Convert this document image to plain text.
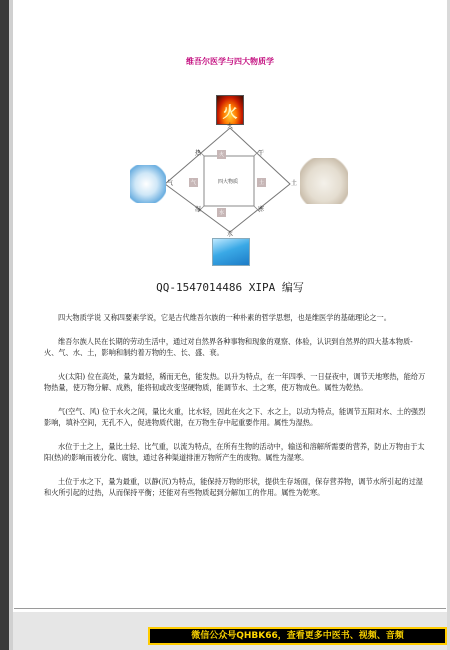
维吾尔医学与四大物质学
火
火
水
气	土
热	干
湿	寒
火
气	土
水
四大物质
QQ-1547014486 XIPA 编写

四大物质学说 又称四要素学说，它是古代维吾尔族的一种朴素的哲学思想，也是维医学的基础理论之一。

维吾尔族人民在长期的劳动生活中，通过对自然界各种事物和现象的观察、体验，认识到自然界的四大基本物质-火、气、水、土，影响和制约着万物的生、长、盛、衰。

火(太阳) 位在高处，量为最轻，稀而无色，能发热。以升为特点，在一年四季、一日昼夜中，调节天地寒热，能给万物热量，使万物分解、成熟，能将韧或改变坚硬物质，能调节水、土之寒，使万物成色。属性为乾热。

气(空气、风) 位于水火之间，量比火重，比水轻，因此在火之下、水之上，以动为特点，能调节五阳对水、土的强烈影响，填补空间，无孔不入，促进物质代谢，在万物生存中起重要作用。属性为湿热。

水位于土之上，量比土轻、比气重，以流为特点，在所有生物的活动中，输送和溶解所需要的营养，防止万物由于太阳(热)的影响而被分化、腐蚀，通过各种渠道排泄万物所产生的废物。属性为湿寒。

土位于水之下，量为最重，以静(沉)为特点，能保持万物的形状，提供生存场面，保存营养物，调节水所引起的过湿和火所引起的过热，从而保持平衡；还能对有些物质起到分解加工的作用。属性为乾寒。

微信公众号QHBK66，查看更多中医书、视频、音频
